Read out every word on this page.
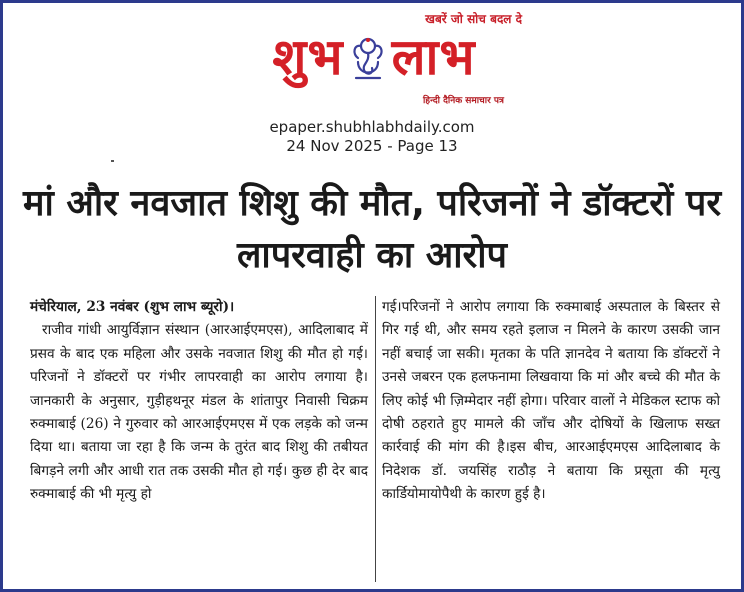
खबरें जो सोच बदल दे
शुभ लाभ
हिन्दी दैनिक समाचार पत्र
epaper.shubhlabhdaily.com
24 Nov 2025 - Page 13
मां और नवजात शिशु की मौत, परिजनों ने डॉक्टरों पर लापरवाही का आरोप

मंचेरियाल, 23 नवंबर (शुभ लाभ ब्यूरो)।
राजीव गांधी आयुर्विज्ञान संस्थान (आरआईएमएस), आदिलाबाद में प्रसव के बाद एक महिला और उसके नवजात शिशु की मौत हो गई। परिजनों ने डॉक्टरों पर गंभीर लापरवाही का आरोप लगाया है।जानकारी के अनुसार, गुड़ीहथनूर मंडल के शांतापुर निवासी चिक्रम रुक्माबाई (26) ने गुरुवार को आरआईएमएस में एक लड़के को जन्म दिया था। बताया जा रहा है कि जन्म के तुरंत बाद शिशु की तबीयत बिगड़ने लगी और आधी रात तक उसकी मौत हो गई। कुछ ही देर बाद रुक्माबाई की भी मृत्यु हो

गई।परिजनों ने आरोप लगाया कि रुक्माबाई अस्पताल के बिस्तर से गिर गई थी, और समय रहते इलाज न मिलने के कारण उसकी जान नहीं बचाई जा सकी। मृतका के पति ज्ञानदेव ने बताया कि डॉक्टरों ने उनसे जबरन एक हलफनामा लिखवाया कि मां और बच्चे की मौत के लिए कोई भी ज़िम्मेदार नहीं होगा। परिवार वालों ने मेडिकल स्टाफ को दोषी ठहराते हुए मामले की जाँच और दोषियों के खिलाफ सख्त कार्रवाई की मांग की है।इस बीच, आरआईएमएस आदिलाबाद के निदेशक डॉ. जयसिंह राठौड़ ने बताया कि प्रसूता की मृत्यु कार्डियोमायोपैथी के कारण हुई है।
